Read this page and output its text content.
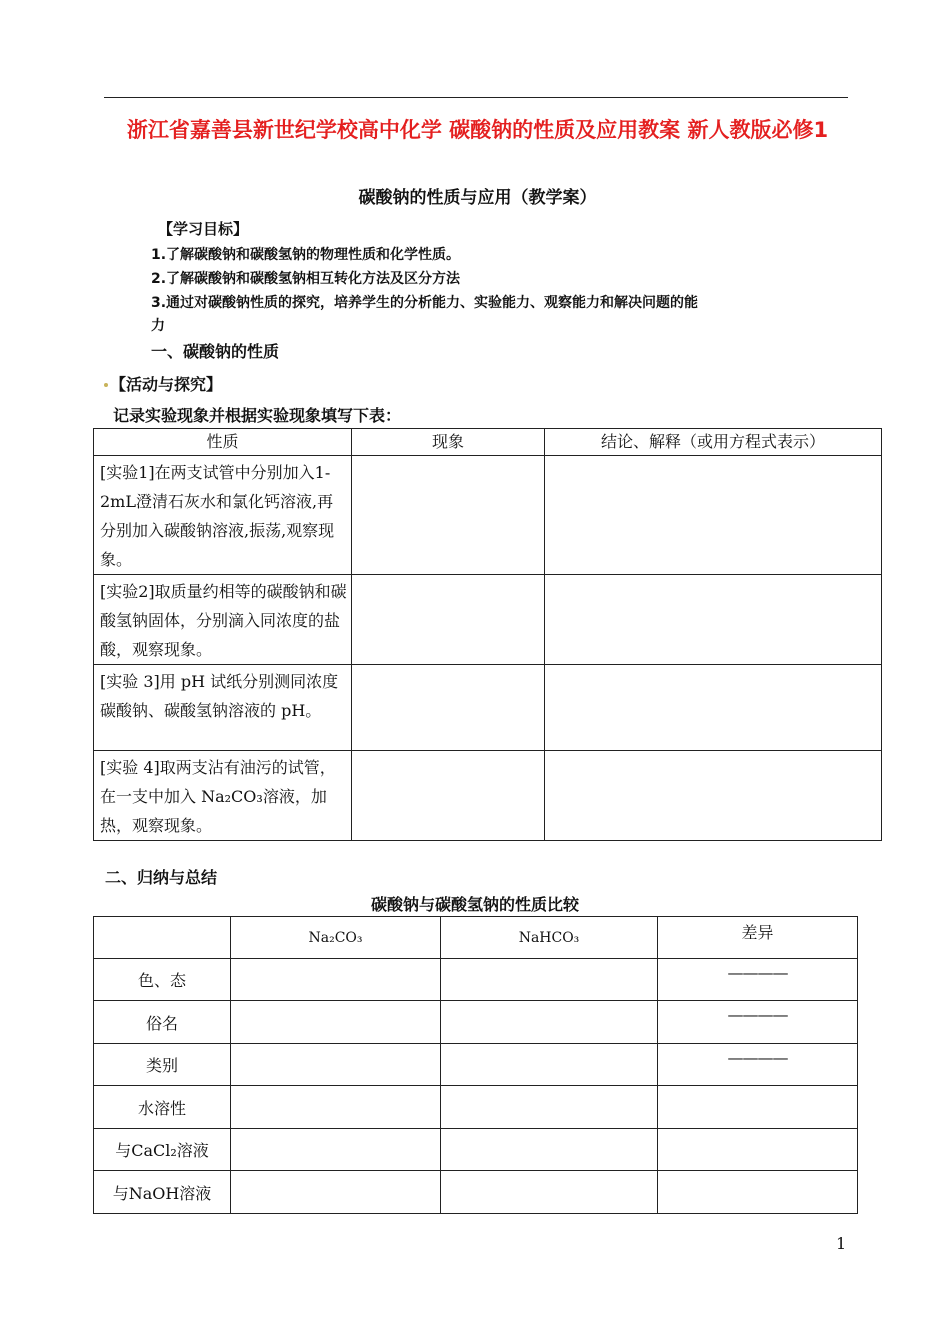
浙江省嘉善县新世纪学校高中化学 碳酸钠的性质及应用教案 新人教版必修1
碳酸钠的性质与应用（教学案）
【学习目标】
1.了解碳酸钠和碳酸氢钠的物理性质和化学性质。
2.了解碳酸钠和碳酸氢钠相互转化方法及区分方法
3.通过对碳酸钠性质的探究，培养学生的分析能力、实验能力、观察能力和解决问题的能
力
一、碳酸钠的性质
【活动与探究】
记录实验现象并根据实验现象填写下表：
性质	现象	结论、解释（或用方程式表示）
[实验1]在两支试管中分别加入1-2mL澄清石灰水和氯化钙溶液,再分别加入碳酸钠溶液,振荡,观察现象。		
[实验2]取质量约相等的碳酸钠和碳酸氢钠固体，分别滴入同浓度的盐酸，观察现象。		
[实验 3]用 pH 试纸分别测同浓度碳酸钠、碳酸氢钠溶液的 pH。		
[实验 4]取两支沾有油污的试管，在一支中加入 Na₂CO₃溶液，加热，观察现象。		
二、归纳与总结
碳酸钠与碳酸氢钠的性质比较
	Na₂CO₃	NaHCO₃	差异
色、态			————
俗名			————
类别			————
水溶性			
与CaCl₂溶液			
与NaOH溶液			
1
